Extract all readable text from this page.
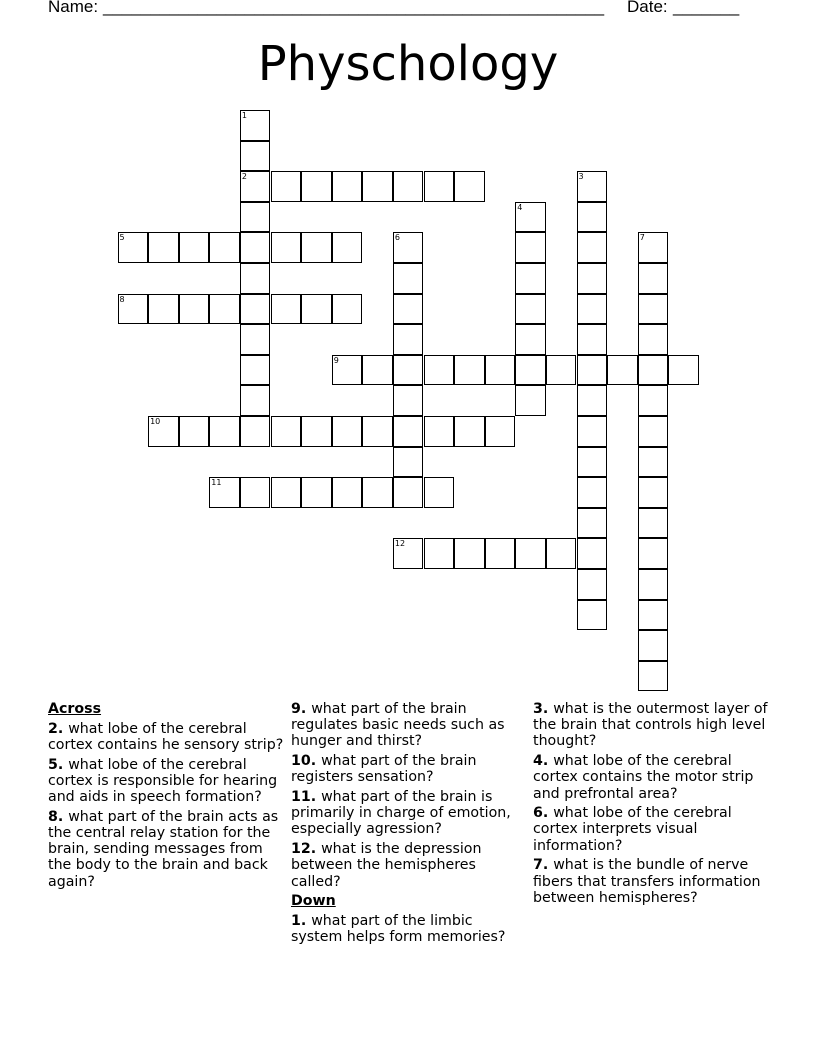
Name: _____________________________________________________ Date: _______
Physchology
1
2	3
4
5	6	7
8
9
10
11
12

Across

2. what lobe of the cerebral cortex contains he sensory strip?

5. what lobe of the cerebral cortex is responsible for hearing and aids in speech formation?

8. what part of the brain acts as the central relay station for the brain, sending messages from the body to the brain and back again?

9. what part of the brain regulates basic needs such as hunger and thirst?

10. what part of the brain registers sensation?

11. what part of the brain is primarily in charge of emotion, especially agression?

12. what is the depression between the hemispheres called?

Down

1. what part of the limbic system helps form memories?

3. what is the outermost layer of the brain that controls high level thought?

4. what lobe of the cerebral cortex contains the motor strip and prefrontal area?

6. what lobe of the cerebral cortex interprets visual information?

7. what is the bundle of nerve fibers that transfers information between hemispheres?
